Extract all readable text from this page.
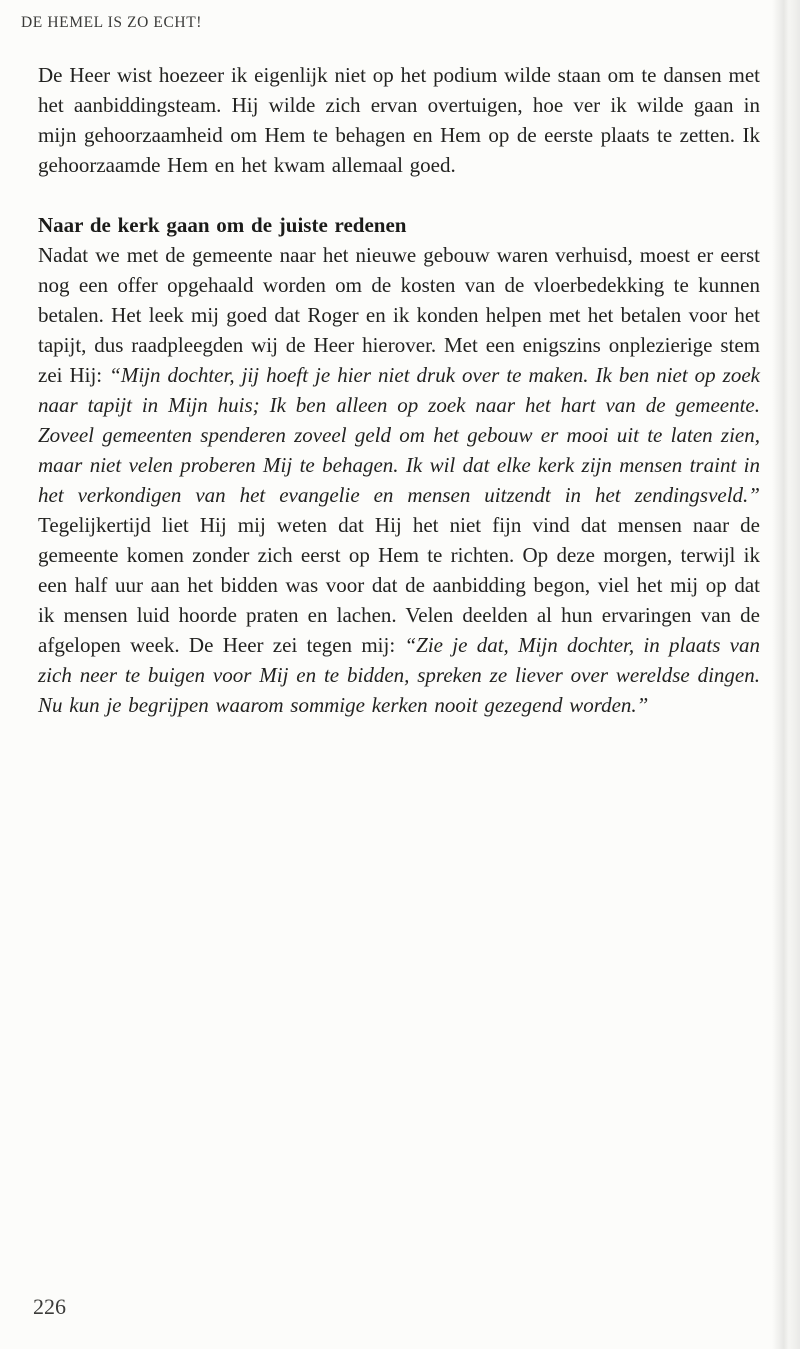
DE HEMEL IS ZO ECHT!

De Heer wist hoezeer ik eigenlijk niet op het podium wilde staan om te dansen met het aanbiddingsteam. Hij wilde zich ervan overtuigen, hoe ver ik wilde gaan in mijn gehoorzaamheid om Hem te behagen en Hem op de eerste plaats te zetten. Ik gehoorzaamde Hem en het kwam allemaal goed.

Naar de kerk gaan om de juiste redenen

Nadat we met de gemeente naar het nieuwe gebouw waren verhuisd, moest er eerst nog een offer opgehaald worden om de kosten van de vloerbedekking te kunnen betalen. Het leek mij goed dat Roger en ik konden helpen met het betalen voor het tapijt, dus raadpleegden wij de Heer hierover. Met een enigszins onplezierige stem zei Hij: “Mijn dochter, jij hoeft je hier niet druk over te maken. Ik ben niet op zoek naar tapijt in Mijn huis; Ik ben alleen op zoek naar het hart van de gemeente. Zoveel gemeenten spenderen zoveel geld om het gebouw er mooi uit te laten zien, maar niet velen proberen Mij te behagen. Ik wil dat elke kerk zijn mensen traint in het verkondigen van het evangelie en mensen uitzendt in het zendingsveld.” Tegelijkertijd liet Hij mij weten dat Hij het niet fijn vind dat mensen naar de gemeente komen zonder zich eerst op Hem te richten. Op deze morgen, terwijl ik een half uur aan het bidden was voor dat de aanbidding begon, viel het mij op dat ik mensen luid hoorde praten en lachen. Velen deelden al hun ervaringen van de afgelopen week. De Heer zei tegen mij: “Zie je dat, Mijn dochter, in plaats van zich neer te buigen voor Mij en te bidden, spreken ze liever over wereldse dingen. Nu kun je begrijpen waarom sommige kerken nooit gezegend worden.”

226
